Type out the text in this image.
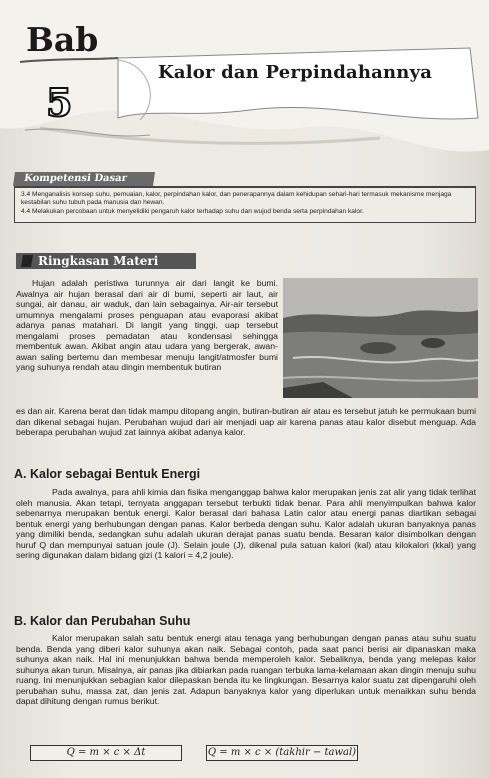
Bab
5
Kalor dan Perpindahannya
Kompetensi Dasar
3.4 Menganalisis konsep suhu, pemuaian, kalor, perpindahan kalor, dan penerapannya dalam kehidupan sehari-hari termasuk mekanisme menjaga kestabilan suhu tubuh pada manusia dan hewan.
4.4 Melakukan percobaan untuk menyelidiki pengaruh kalor terhadap suhu dan wujud benda serta perpindahan kalor.
Ringkasan Materi
Hujan adalah peristiwa turunnya air dari langit ke bumi. Awalnya air hujan berasal dari air di bumi, seperti air laut, air sungai, air danau, air waduk, dan lain sebagainya. Air-air tersebut umumnya mengalami proses penguapan atau evaporasi akibat adanya panas matahari. Di langit yang tinggi, uap tersebut mengalami proses pemadatan atau kondensasi sehingga membentuk awan. Akibat angin atau udara yang bergerak, awan-awan saling bertemu dan membesar menuju langit/atmosfer bumi yang suhunya rendah atau dingin membentuk butiran
es dan air. Karena berat dan tidak mampu ditopang angin, butiran-butiran air atau es tersebut jatuh ke permukaan bumi dan dikenal sebagai hujan. Perubahan wujud dari air menjadi uap air karena panas atau kalor disebut menguap. Ada beberapa perubahan wujud zat lainnya akibat adanya kalor.
A. Kalor sebagai Bentuk Energi
Pada awalnya, para ahli kimia dan fisika menganggap bahwa kalor merupakan jenis zat alir yang tidak terlihat oleh manusia. Akan tetapi, ternyata anggapan tersebut terbukti tidak benar. Para ahli menyimpulkan bahwa kalor sebenarnya merupakan bentuk energi. Kalor berasal dari bahasa Latin calor atau energi panas diartikan sebagai bentuk energi yang berhubungan dengan panas. Kalor berbeda dengan suhu. Kalor adalah ukuran banyaknya panas yang dimiliki benda, sedangkan suhu adalah ukuran derajat panas suatu benda. Besaran kalor disimbolkan dengan huruf Q dan mempunyai satuan joule (J). Selain joule (J), dikenal pula satuan kalori (kal) atau kilokalori (kkal) yang sering digunakan dalam bidang gizi (1 kalori = 4,2 joule).
B. Kalor dan Perubahan Suhu
Kalor merupakan salah satu bentuk energi atau tenaga yang berhubungan dengan panas atau suhu suatu benda. Benda yang diberi kalor suhunya akan naik. Sebagai contoh, pada saat panci berisi air dipanaskan maka suhunya akan naik. Hal ini menunjukkan bahwa benda memperoleh kalor. Sebaliknya, benda yang melepas kalor suhunya akan turun. Misalnya, air panas jika dibiarkan pada ruangan terbuka lama-kelamaan akan dingin menuju suhu ruang. Ini menunjukkan sebagian kalor dilepaskan benda itu ke lingkungan. Besarnya kalor suatu zat dipengaruhi oleh perubahan suhu, massa zat, dan jenis zat. Adapun banyaknya kalor yang diperlukan untuk menaikkan suhu benda dapat dihitung dengan rumus berikut.
Q = m × c × Δt	Q = m × c × (takhir − tawal)
